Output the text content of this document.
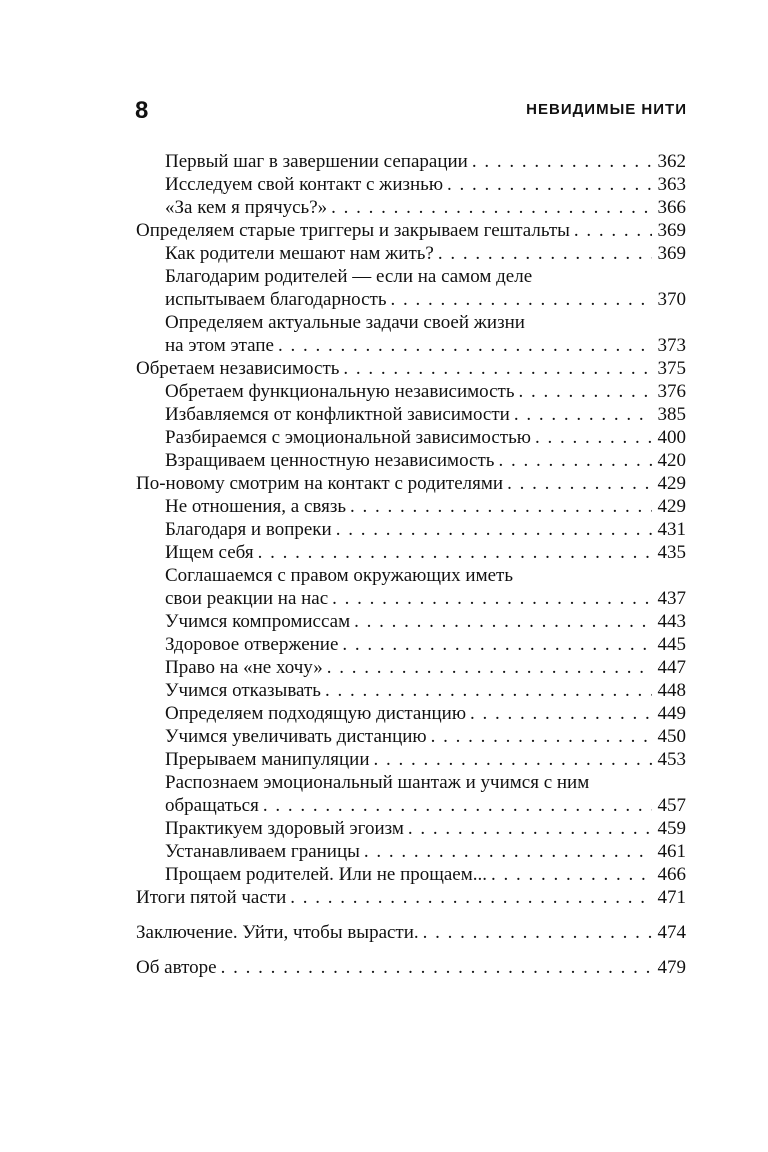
8	НЕВИДИМЫЕ НИТИ
Первый шаг в завершении сепарации . . .	362
Исследуем свой контакт с жизнью . . .	363
«За кем я прячусь?» . . .	366
Определяем старые триггеры и закрываем гештальты . . .	369
Как родители мешают нам жить? . . .	369
Благодарим родителей — если на самом деле
испытываем благодарность . . .	370
Определяем актуальные задачи своей жизни
на этом этапе . . .	373
Обретаем независимость . . .	375
Обретаем функциональную независимость . . .	376
Избавляемся от конфликтной зависимости . . .	385
Разбираемся с эмоциональной зависимостью . . .	400
Взращиваем ценностную независимость . . .	420
По-новому смотрим на контакт с родителями . . .	429
Не отношения, а связь . . .	429
Благодаря и вопреки . . .	431
Ищем себя . . .	435
Соглашаемся с правом окружающих иметь
свои реакции на нас . . .	437
Учимся компромиссам . . .	443
Здоровое отвержение . . .	445
Право на «не хочу» . . .	447
Учимся отказывать . . .	448
Определяем подходящую дистанцию . . .	449
Учимся увеличивать дистанцию . . .	450
Прерываем манипуляции . . .	453
Распознаем эмоциональный шантаж и учимся с ним
обращаться . . .	457
Практикуем здоровый эгоизм . . .	459
Устанавливаем границы . . .	461
Прощаем родителей. Или не прощаем... . . .	466
Итоги пятой части . . .	471
Заключение. Уйти, чтобы вырасти. . . .	474
Об авторе . . .	479
